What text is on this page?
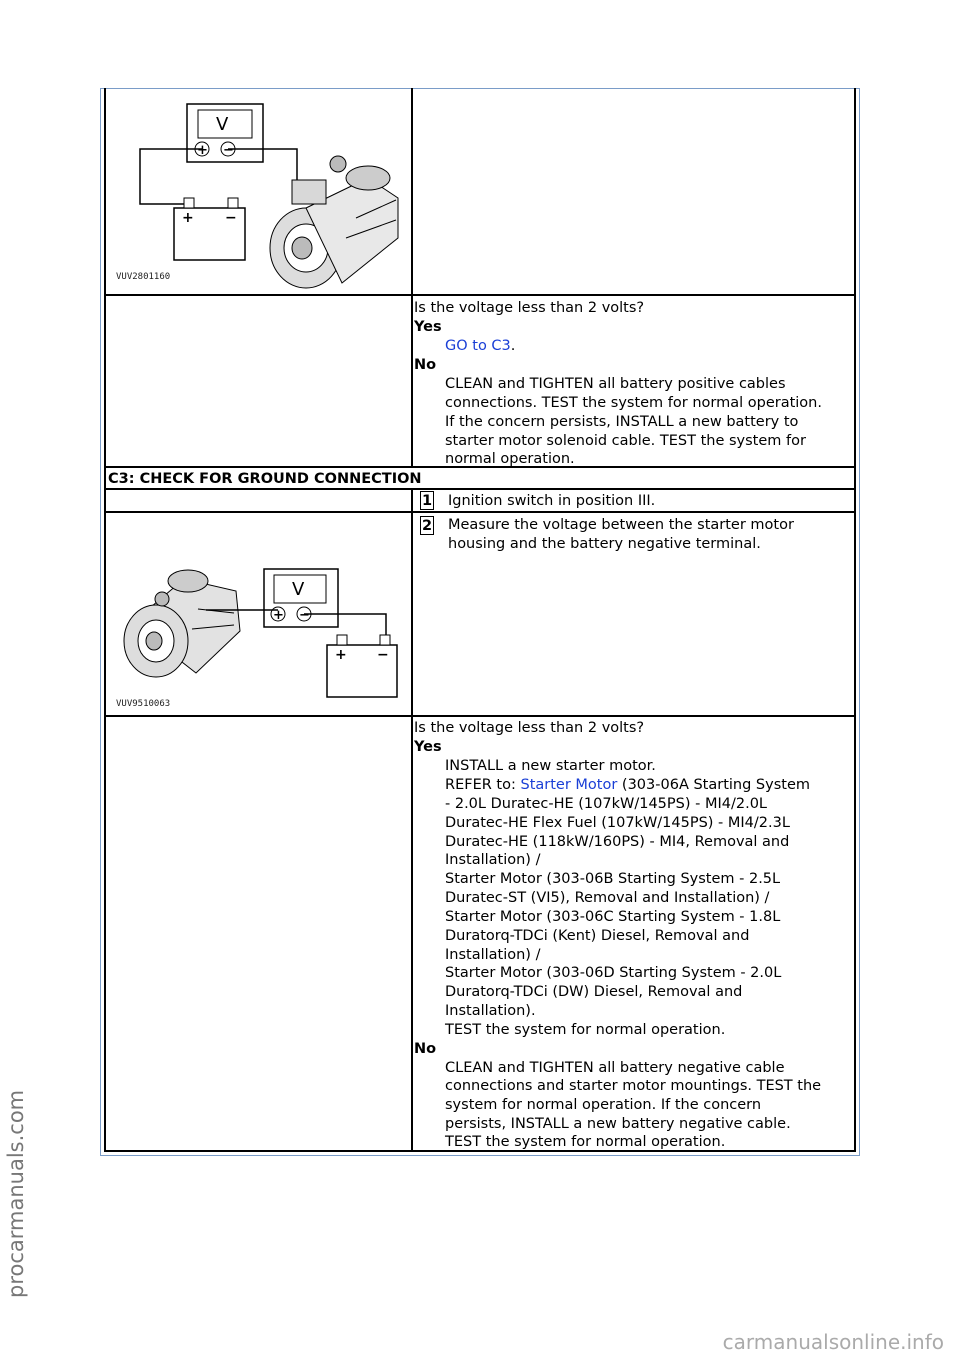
V
+ −
+ −
VUV2801160
Is the voltage less than 2 volts?
Yes
GO to C3.
No
CLEAN and TIGHTEN all battery positive cables
connections. TEST the system for normal operation.
If the concern persists, INSTALL a new battery to
starter motor solenoid cable. TEST the system for
normal operation.
C3: CHECK FOR GROUND CONNECTION
1 Ignition switch in position III.
V
+ −
+ −
VUV9510063
2 Measure the voltage between the starter motor
housing and the battery negative terminal.
Is the voltage less than 2 volts?
Yes
INSTALL a new starter motor.
REFER to: Starter Motor (303-06A Starting System
- 2.0L Duratec-HE (107kW/145PS) - MI4/2.0L
Duratec-HE Flex Fuel (107kW/145PS) - MI4/2.3L
Duratec-HE (118kW/160PS) - MI4, Removal and
Installation) /
Starter Motor (303-06B Starting System - 2.5L
Duratec-ST (VI5), Removal and Installation) /
Starter Motor (303-06C Starting System - 1.8L
Duratorq-TDCi (Kent) Diesel, Removal and
Installation) /
Starter Motor (303-06D Starting System - 2.0L
Duratorq-TDCi (DW) Diesel, Removal and
Installation).
TEST the system for normal operation.
No
CLEAN and TIGHTEN all battery negative cable
connections and starter motor mountings. TEST the
system for normal operation. If the concern
persists, INSTALL a new battery negative cable.
TEST the system for normal operation.
procarmanuals.com
carmanualsonline.info
